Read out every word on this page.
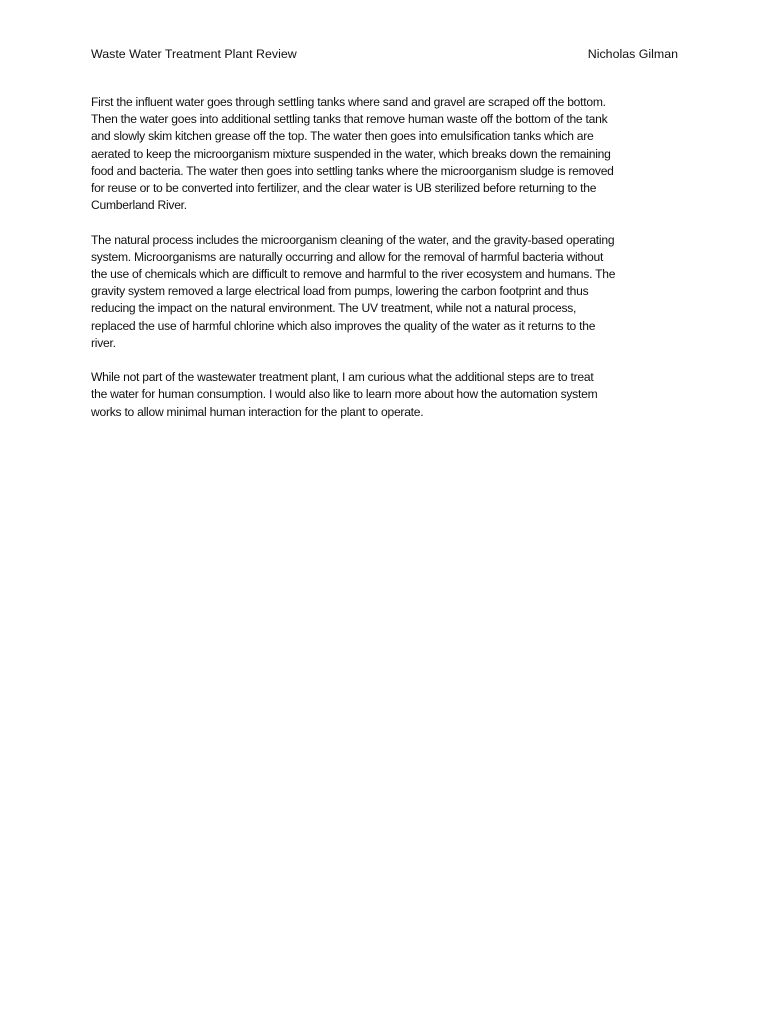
Waste Water Treatment Plant Review	Nicholas Gilman

First the influent water goes through settling tanks where sand and gravel are scraped off the bottom.
Then the water goes into additional settling tanks that remove human waste off the bottom of the tank
and slowly skim kitchen grease off the top. The water then goes into emulsification tanks which are
aerated to keep the microorganism mixture suspended in the water, which breaks down the remaining
food and bacteria. The water then goes into settling tanks where the microorganism sludge is removed
for reuse or to be converted into fertilizer, and the clear water is UB sterilized before returning to the
Cumberland River.

The natural process includes the microorganism cleaning of the water, and the gravity-based operating
system. Microorganisms are naturally occurring and allow for the removal of harmful bacteria without
the use of chemicals which are difficult to remove and harmful to the river ecosystem and humans. The
gravity system removed a large electrical load from pumps, lowering the carbon footprint and thus
reducing the impact on the natural environment. The UV treatment, while not a natural process,
replaced the use of harmful chlorine which also improves the quality of the water as it returns to the
river.

While not part of the wastewater treatment plant, I am curious what the additional steps are to treat
the water for human consumption. I would also like to learn more about how the automation system
works to allow minimal human interaction for the plant to operate.
